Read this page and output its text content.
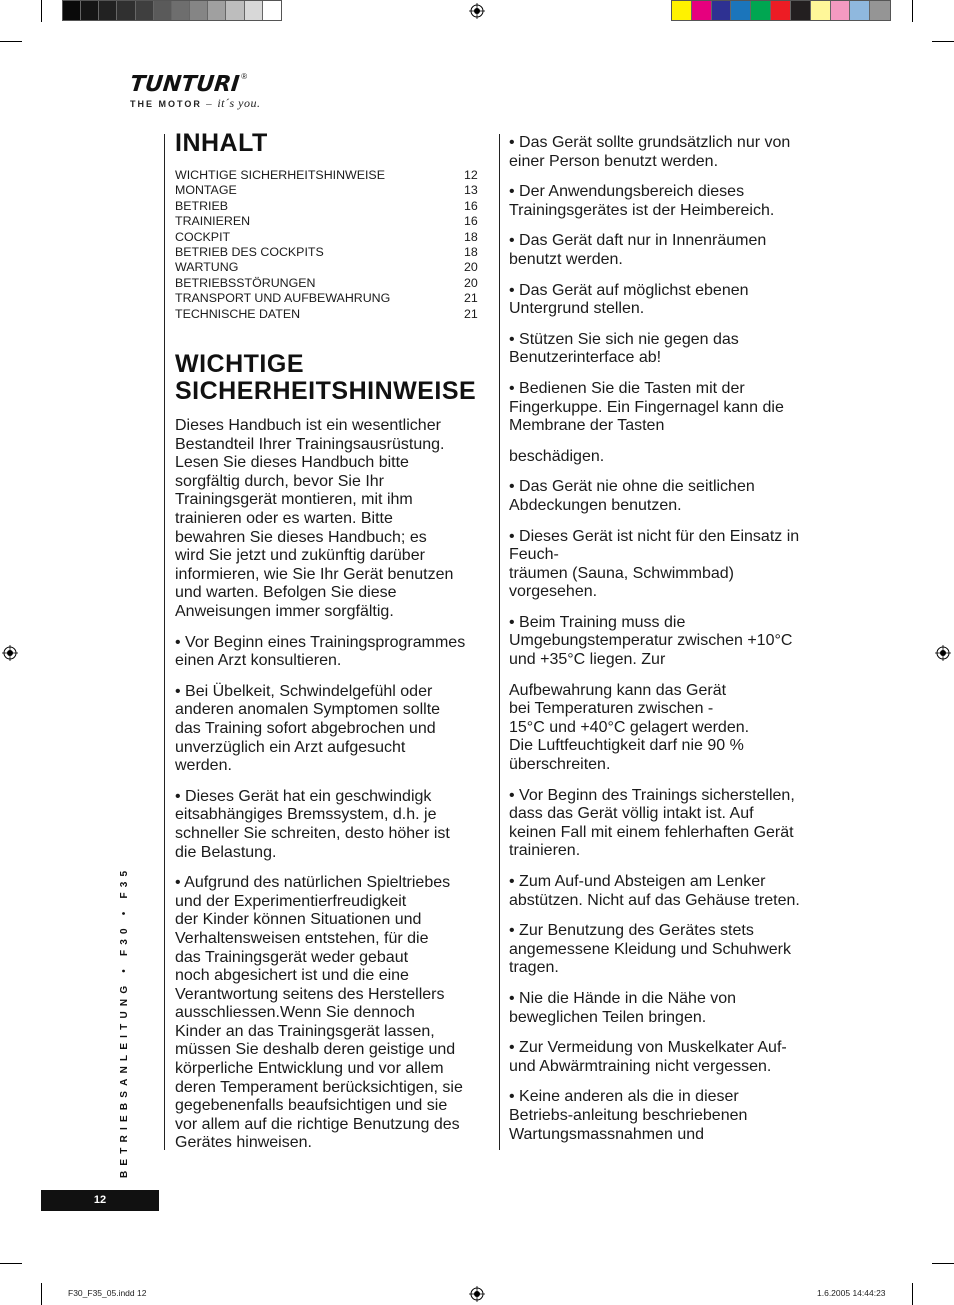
TUNTURI ®
THE MOTOR – it´s you.
INHALT
WICHTIGE SICHERHEITSHINWEISE	12
MONTAGE	13
BETRIEB	16
TRAINIEREN	16
COCKPIT	18
BETRIEB DES COCKPITS	18
WARTUNG	20
BETRIEBSSTÖRUNGEN	20
TRANSPORT UND AUFBEWAHRUNG	21
TECHNISCHE DATEN	21
WICHTIGE
SICHERHEITSHINWEISE

Dieses Handbuch ist ein wesentlicher
Bestandteil Ihrer Trainingsausrüstung.
Lesen Sie dieses Handbuch bitte
sorgfältig durch, bevor Sie Ihr
Trainingsgerät montieren, mit ihm
trainieren oder es warten. Bitte
bewahren Sie dieses Handbuch; es
wird Sie jetzt und zukünftig darüber
informieren, wie Sie Ihr Gerät benutzen
und warten. Befolgen Sie diese
Anweisungen immer sorgfältig.

• Vor Beginn eines Trainingsprogrammes
einen Arzt konsultieren.

• Bei Übelkeit, Schwindelgefühl oder
anderen anomalen Symptomen sollte
das Training sofort abgebrochen und
unverzüglich ein Arzt aufgesucht
werden.

• Dieses Gerät hat ein geschwindigk
eitsabhängiges Bremssystem, d.h. je
schneller Sie schreiten, desto höher ist
die Belastung.

• Aufgrund des natürlichen Spieltriebes
und der Experimentierfreudigkeit
der Kinder können Situationen und
Verhaltensweisen entstehen, für die
das Trainingsgerät weder gebaut
noch abgesichert ist und die eine
Verantwortung seitens des Herstellers
ausschliessen.Wenn Sie dennoch
Kinder an das Trainingsgerät lassen,
müssen Sie deshalb deren geistige und
körperliche Entwicklung und vor allem
deren Temperament berücksichtigen, sie
gegebenenfalls beaufsichtigen und sie
vor allem auf die richtige Benutzung des
Gerätes hinweisen.

• Das Gerät sollte grundsätzlich nur von
einer Person benutzt werden.

• Der Anwendungsbereich dieses
Trainingsgerätes ist der Heimbereich.

• Das Gerät daft nur in Innenräumen
benutzt werden.

• Das Gerät auf möglichst ebenen
Untergrund stellen.

• Stützen Sie sich nie gegen das
Benutzerinterface ab!

• Bedienen Sie die Tasten mit der
Fingerkuppe. Ein Fingernagel kann die
Membrane der Tasten

beschädigen.

• Das Gerät nie ohne die seitlichen
Abdeckungen benutzen.

• Dieses Gerät ist nicht für den Einsatz in
Feuch-
träumen (Sauna, Schwimmbad)
vorgesehen.

• Beim Training muss die
Umgebungstemperatur zwischen +10°C
und +35°C liegen. Zur

Aufbewahrung kann das Gerät
bei Temperaturen zwischen -
15°C und +40°C gelagert werden.
Die Luftfeuchtigkeit darf nie 90 %
überschreiten.

• Vor Beginn des Trainings sicherstellen,
dass das Gerät völlig intakt ist. Auf
keinen Fall mit einem fehlerhaften Gerät
trainieren.

• Zum Auf-und Absteigen am Lenker
abstützen. Nicht auf das Gehäuse treten.

• Zur Benutzung des Gerätes stets
angemessene Kleidung und Schuhwerk
tragen.

• Nie die Hände in die Nähe von
beweglichen Teilen bringen.

• Zur Vermeidung von Muskelkater Auf-
und Abwärmtraining nicht vergessen.

• Keine anderen als die in dieser
Betriebs-anleitung beschriebenen
Wartungsmassnahmen und

BETRIEBSANLEITUNG • F30 • F35
12
F30_F35_05.indd 12	1.6.2005 14:44:23
